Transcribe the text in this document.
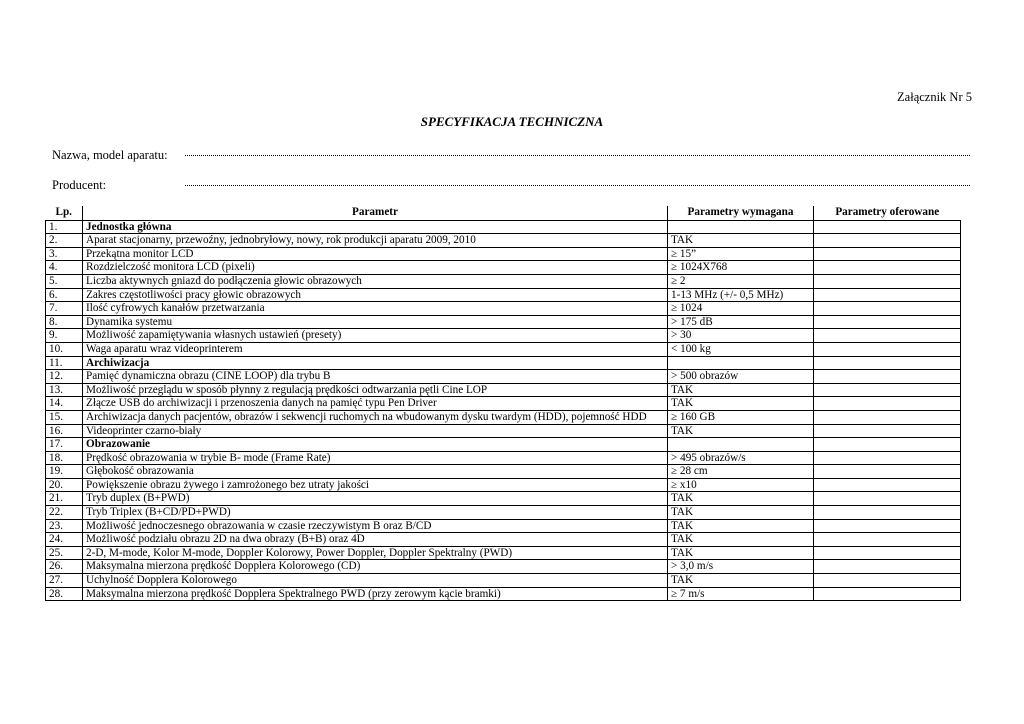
Załącznik Nr 5
SPECYFIKACJA TECHNICZNA
Nazwa, model aparatu:
Producent:
Lp.	Parametr	Parametry wymagana	Parametry oferowane
1.	Jednostka główna		
2.	Aparat stacjonarny, przewoźny, jednobryłowy, nowy, rok produkcji aparatu 2009, 2010	TAK	
3.	Przekątna monitor LCD	≥ 15”	
4.	Rozdzielczość monitora LCD (pixeli)	≥ 1024X768	
5.	Liczba aktywnych gniazd do podłączenia głowic obrazowych	≥ 2	
6.	Zakres częstotliwości pracy głowic obrazowych	1-13 MHz (+/- 0,5 MHz)	
7.	Ilość cyfrowych kanałów przetwarzania	≥ 1024	
8.	Dynamika systemu	> 175 dB	
9.	Możliwość zapamiętywania własnych ustawień (presety)	> 30	
10.	Waga aparatu wraz videoprinterem	< 100 kg	
11.	Archiwizacja		
12.	Pamięć dynamiczna obrazu (CINE LOOP) dla trybu B	> 500 obrazów	
13.	Możliwość przeglądu w sposób płynny z regulacją prędkości odtwarzania pętli Cine LOP	TAK	
14.	Złącze USB do archiwizacji i przenoszenia danych na pamięć typu Pen Driver	TAK	
15.	Archiwizacja danych pacjentów, obrazów i sekwencji ruchomych na wbudowanym dysku twardym (HDD), pojemność HDD	≥ 160 GB	
16.	Videoprinter czarno-biały	TAK	
17.	Obrazowanie		
18.	Prędkość obrazowania w trybie B- mode (Frame Rate)	> 495 obrazów/s	
19.	Głębokość obrazowania	≥ 28 cm	
20.	Powiększenie obrazu żywego i zamrożonego bez utraty jakości	≥ x10	
21.	Tryb duplex (B+PWD)	TAK	
22.	Tryb Triplex (B+CD/PD+PWD)	TAK	
23.	Możliwość jednoczesnego obrazowania w czasie rzeczywistym B oraz B/CD	TAK	
24.	Możliwość podziału obrazu 2D na dwa obrazy (B+B) oraz 4D	TAK	
25.	2-D, M-mode, Kolor M-mode, Doppler Kolorowy, Power Doppler, Doppler Spektralny (PWD)	TAK	
26.	Maksymalna mierzona prędkość Dopplera Kolorowego (CD)	> 3,0 m/s	
27.	Uchylność Dopplera Kolorowego	TAK	
28.	Maksymalna mierzona prędkość Dopplera Spektralnego PWD (przy zerowym kącie bramki)	≥ 7 m/s	
